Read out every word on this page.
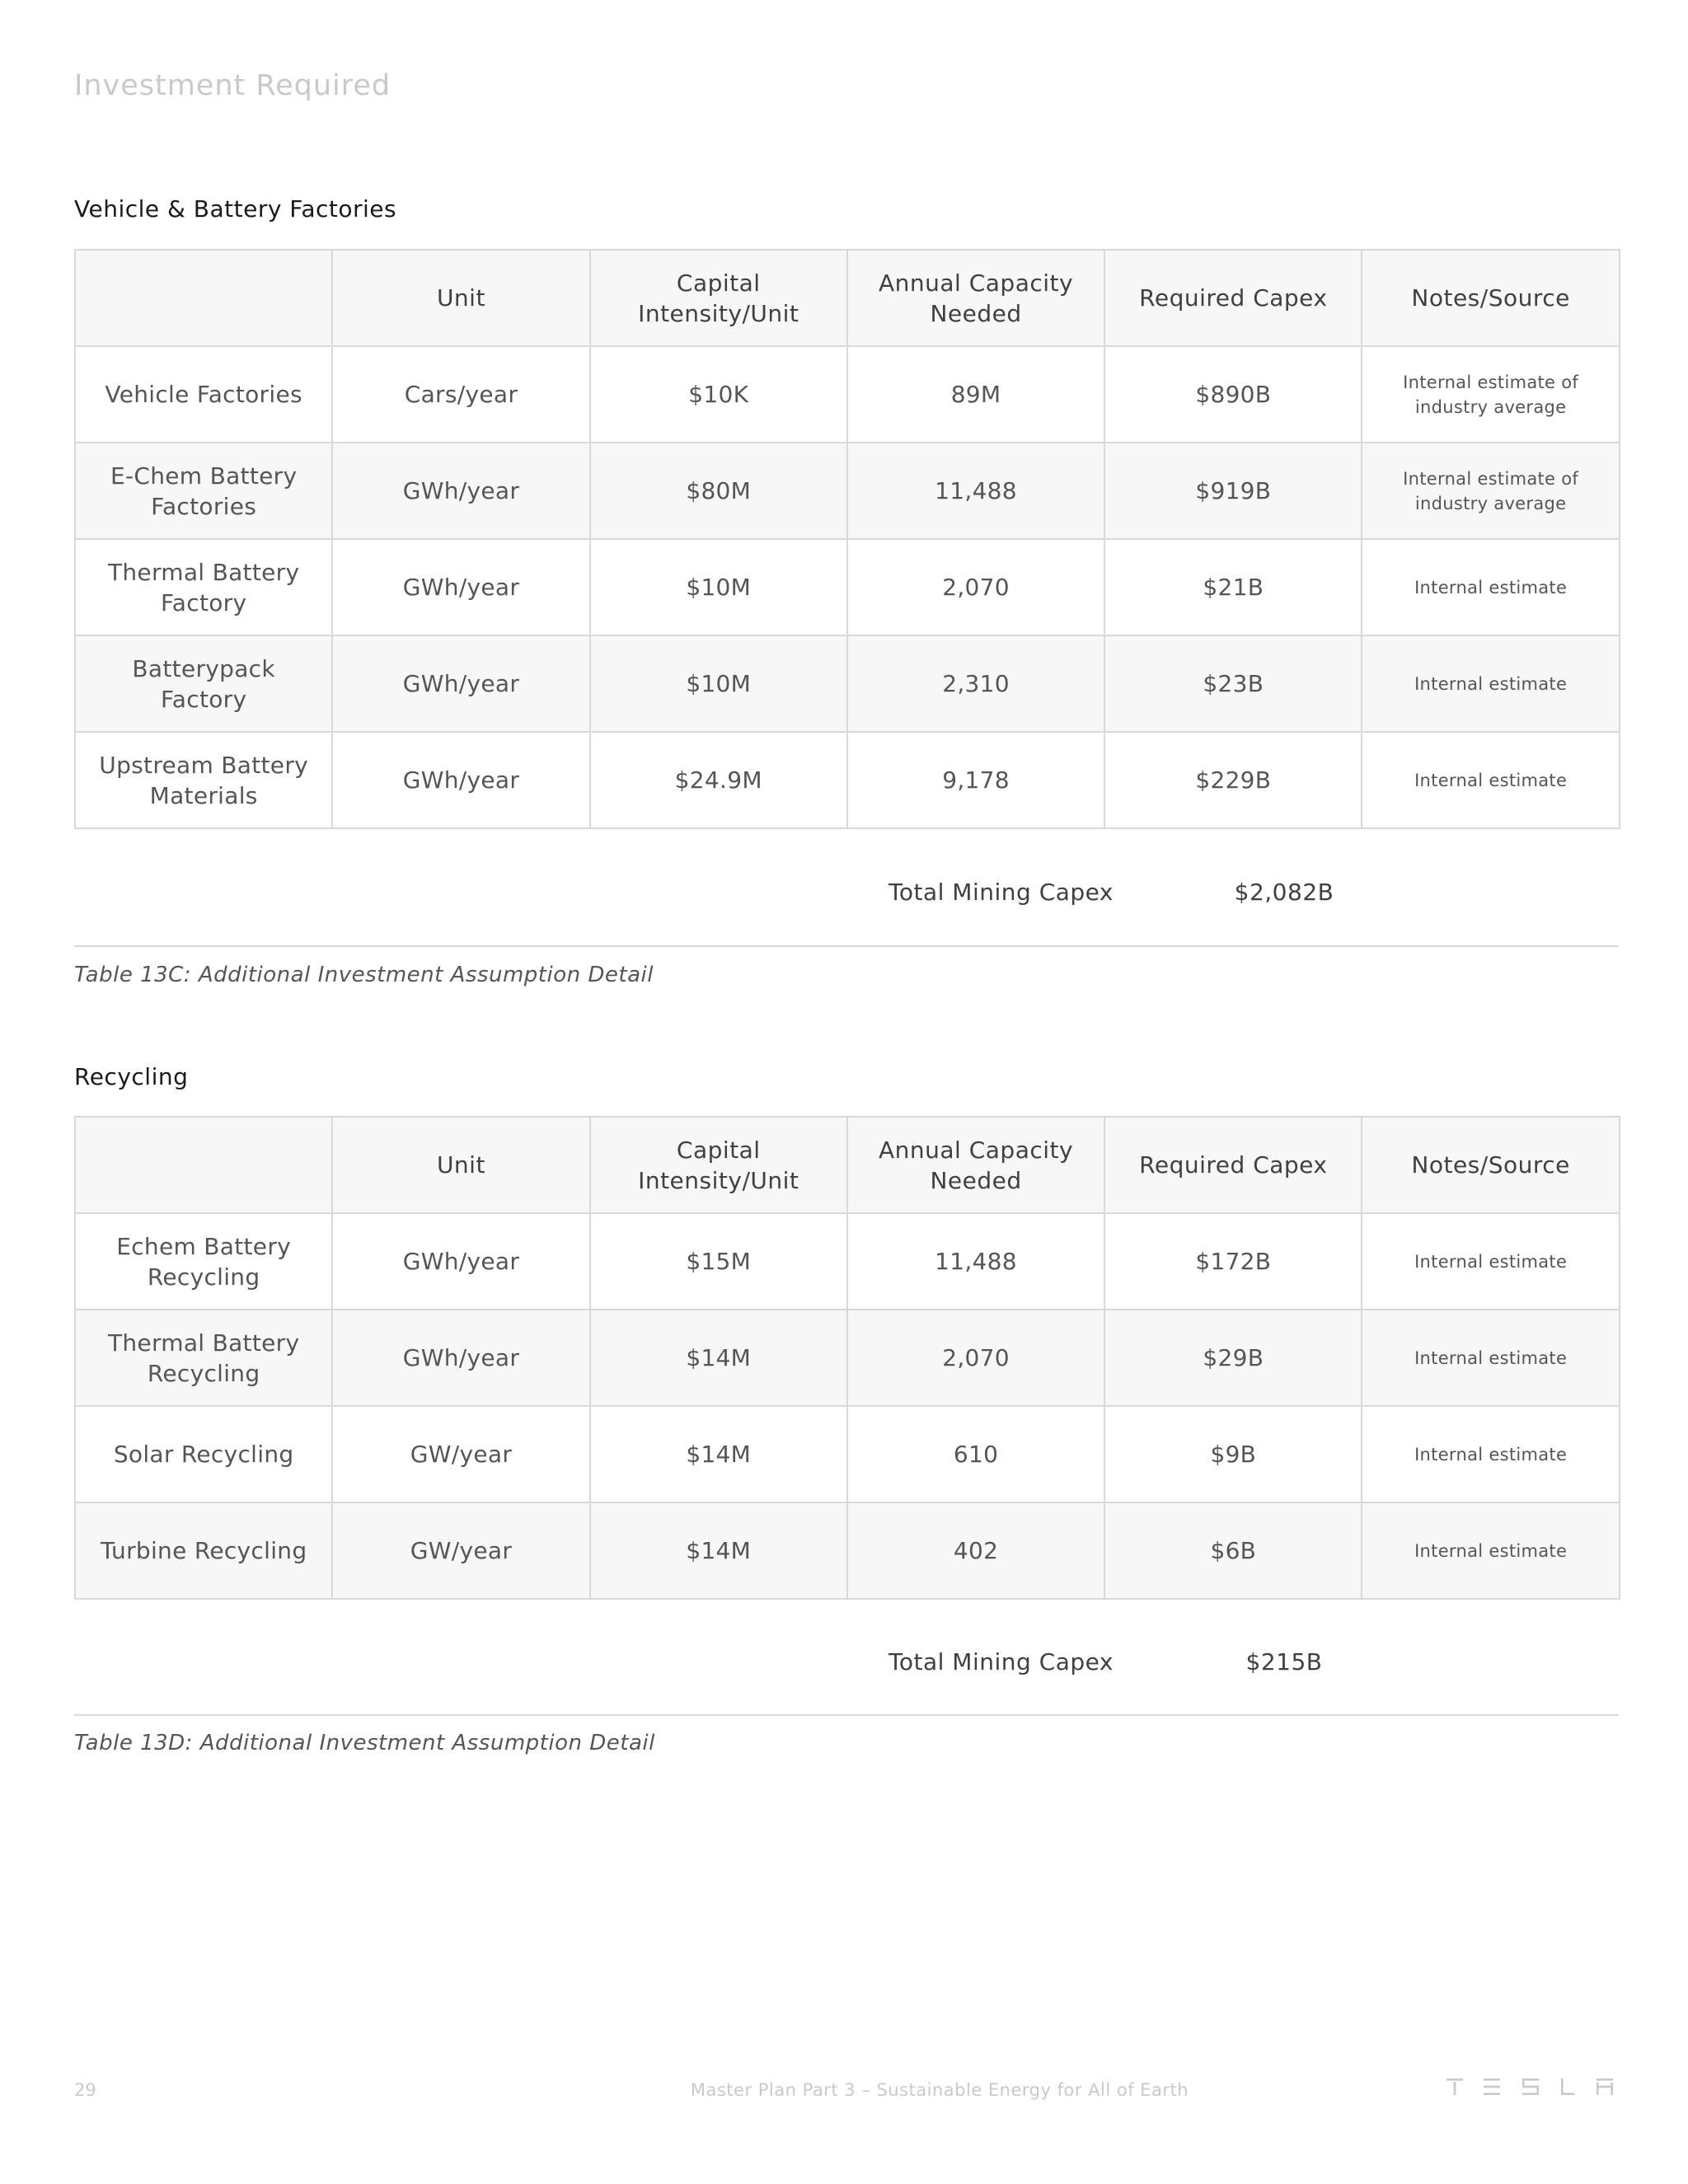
Investment Required
Vehicle & Battery Factories
	Unit	Capital Intensity/Unit	Annual Capacity Needed	Required Capex	Notes/Source
Vehicle Factories	Cars/year	$10K	89M	$890B	Internal estimate of industry average
E-Chem Battery Factories	GWh/year	$80M	11,488	$919B	Internal estimate of industry average
Thermal Battery Factory	GWh/year	$10M	2,070	$21B	Internal estimate
Batterypack Factory	GWh/year	$10M	2,310	$23B	Internal estimate
Upstream Battery Materials	GWh/year	$24.9M	9,178	$229B	Internal estimate
Total Mining Capex	$2,082B
Table 13C: Additional Investment Assumption Detail
Recycling
	Unit	Capital Intensity/Unit	Annual Capacity Needed	Required Capex	Notes/Source
Echem Battery Recycling	GWh/year	$15M	11,488	$172B	Internal estimate
Thermal Battery Recycling	GWh/year	$14M	2,070	$29B	Internal estimate
Solar Recycling	GW/year	$14M	610	$9B	Internal estimate
Turbine Recycling	GW/year	$14M	402	$6B	Internal estimate
Total Mining Capex	$215B
Table 13D: Additional Investment Assumption Detail
29	Master Plan Part 3 – Sustainable Energy for All of Earth
